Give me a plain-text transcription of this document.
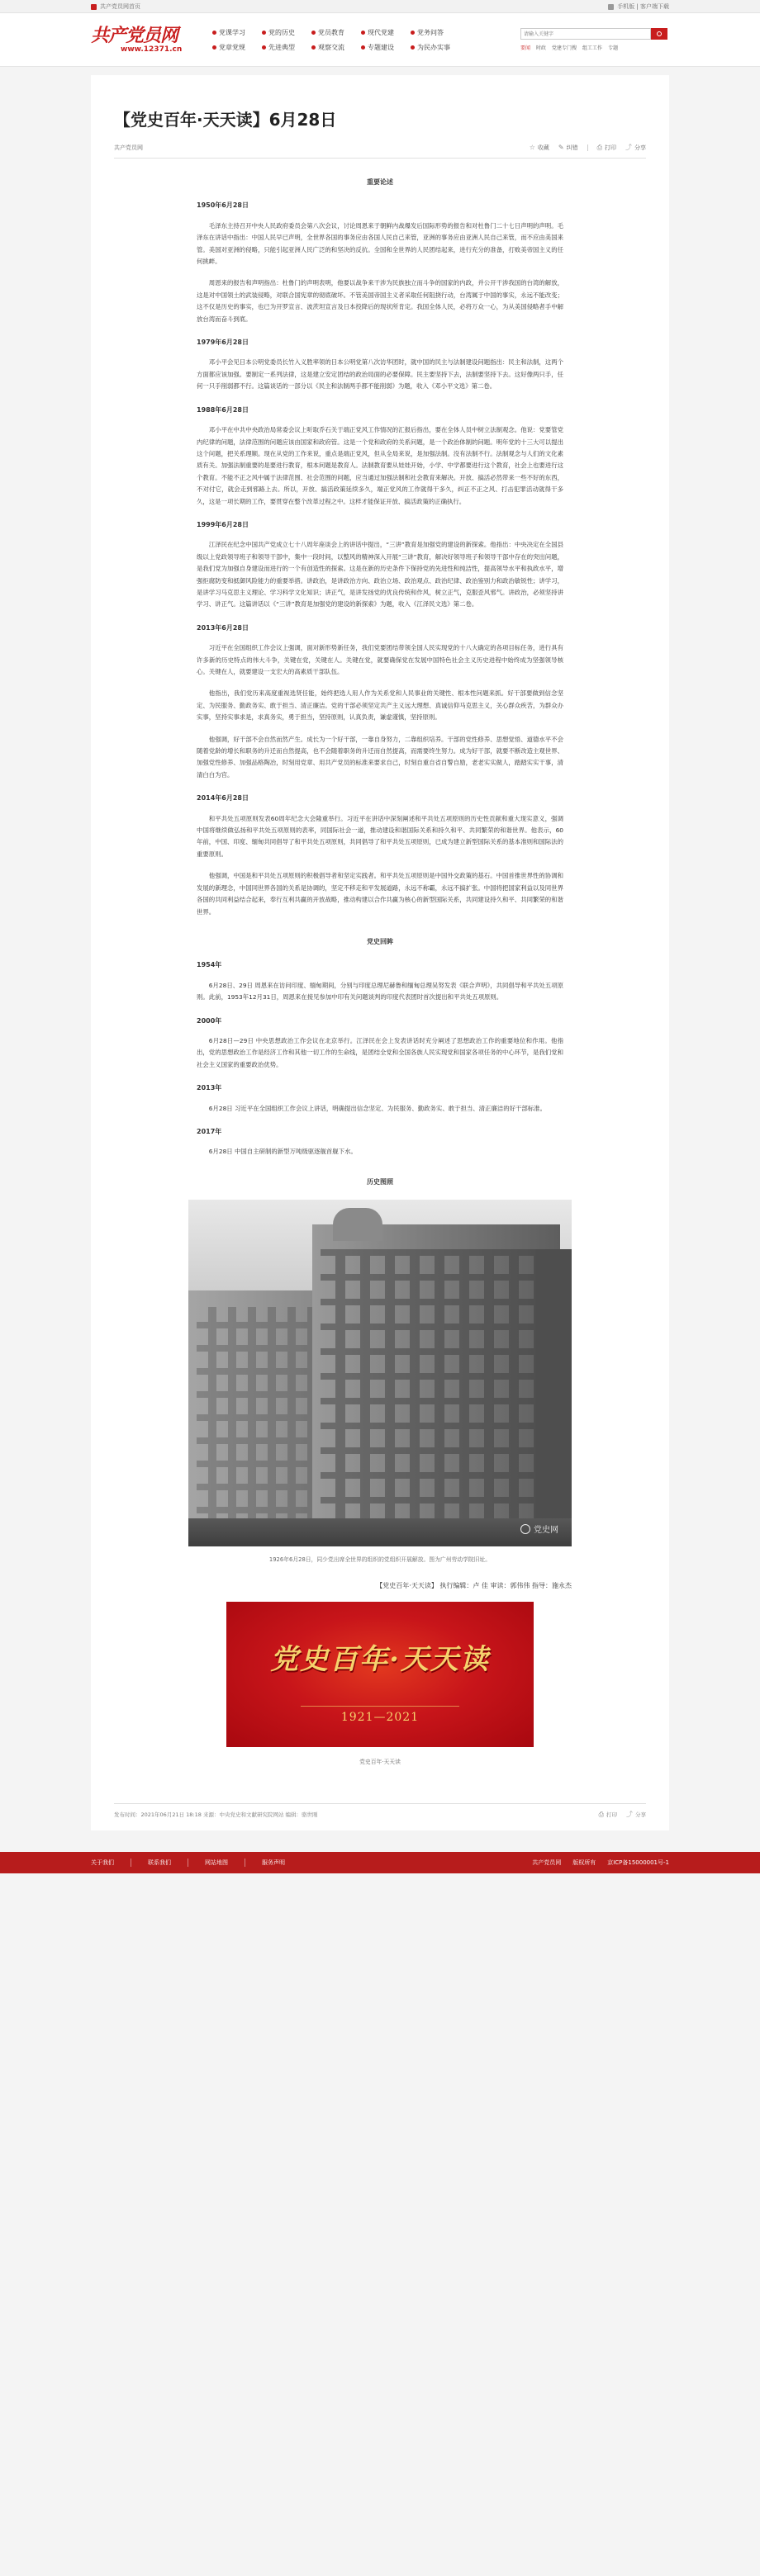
共产党员网首页	手机版 | 客户端下载
共产党员网
www.12371.cn
党课学习	党的历史	党员教育	现代党建	党务问答
党章党规	先进典型	观察交流	专题建设	为民办实事
请输入关键字	要闻 时政 党建专门搜 组工工作 专题
【党史百年·天天读】6月28日
共产党员网	☆ 收藏 ✎ 纠错	⎙ 打印 ⤴ 分享
重要论述
1950年6月28日

毛泽东主持召开中央人民政府委员会第八次会议，讨论周恩来于朝鲜内战爆发后国际形势的报告和对杜鲁门二十七日声明的声明。毛泽东在讲话中指出：中国人民早已声明，全世界各国的事务应由各国人民自己来管，亚洲的事务应由亚洲人民自己来管，而不应由美国来管。美国对亚洲的侵略，只能引起亚洲人民广泛的和坚决的反抗。全国和全世界的人民团结起来，进行充分的准备，打败美帝国主义的任何挑衅。

周恩来的报告和声明指出：杜鲁门的声明表明，他要以战争来干涉为民族独立而斗争的国家的内政，并公开干涉我国的台湾的解放，这是对中国领土的武装侵略，对联合国宪章的彻底破坏。不管美国帝国主义者采取任何阻挠行动，台湾属于中国的事实，永远不能改变；这不仅是历史的事实，也已为开罗宣言、波茨坦宣言及日本投降后的现状所肯定。我国全体人民，必将万众一心，为从美国侵略者手中解放台湾而奋斗到底。

1979年6月28日

邓小平会见日本公明党委员长竹入义胜率领的日本公明党第八次访华团时，就中国的民主与法制建设问题指出：民主和法制，这两个方面都应该加强。要制定一系列法律，这是建立安定团结的政治局面的必要保障。民主要坚持下去，法制要坚持下去。这好像两只手，任何一只手削弱都不行。这篇谈话的一部分以《民主和法制两手都不能削弱》为题，收入《邓小平文选》第二卷。

1988年6月28日

邓小平在中共中央政治局常委会议上听取乔石关于端正党风工作情况的汇报后指出，要在全体人员中树立法制观念。他说：党要管党内纪律的问题，法律范围的问题应该由国家和政府管。这是一个党和政府的关系问题，是一个政治体制的问题。明年党的十三大可以提出这个问题，把关系理顺。现在从党的工作来说，重点是端正党风，但从全局来说，是加强法制。没有法制不行。法制观念与人们的文化素质有关。加强法制重要的是要进行教育，根本问题是教育人。法制教育要从娃娃开始，小学、中学都要进行这个教育，社会上也要进行这个教育。不能不正之风中属于法律范围、社会范围的问题，应当通过加强法制和社会教育来解决。开放、搞活必然带来一些不好的东西，不对付它，就会走到邪路上去。所以，开放、搞活政策延续多久，端正党风的工作就得干多久，纠正不正之风、打击犯罪活动就得干多久，这是一项长期的工作，要贯穿在整个改革过程之中。这样才能保证开放、搞活政策的正确执行。

1999年6月28日

江泽民在纪念中国共产党成立七十八周年座谈会上的讲话中提出，“三讲”教育是加强党的建设的新探索。他指出：中央决定在全国县级以上党政领导班子和领导干部中，集中一段时间，以整风的精神深入开展“三讲”教育，解决好领导班子和领导干部中存在的突出问题，是我们党为加强自身建设而进行的一个有创造性的探索。这是在新的历史条件下保持党的先进性和纯洁性，提高领导水平和执政水平，增强拒腐防变和抵御风险能力的重要举措。讲政治，是讲政治方向、政治立场、政治观点、政治纪律、政治鉴别力和政治敏锐性；讲学习，是讲学习马克思主义理论、学习科学文化知识；讲正气，是讲发扬党的优良传统和作风，树立正气，克服歪风邪气。讲政治，必须坚持讲学习、讲正气。这篇讲话以《“三讲”教育是加强党的建设的新探索》为题，收入《江泽民文选》第二卷。

2013年6月28日

习近平在全国组织工作会议上强调，面对新形势新任务，我们党要团结带领全国人民实现党的十八大确定的各项目标任务，进行具有许多新的历史特点的伟大斗争，关键在党，关键在人。关键在党，就要确保党在发展中国特色社会主义历史进程中始终成为坚强领导核心。关键在人，就要建设一支宏大的高素质干部队伍。

他指出，我们党历来高度重视选贤任能，始终把选人用人作为关系党和人民事业的关键性、根本性问题来抓。好干部要做到信念坚定、为民服务、勤政务实、敢于担当、清正廉洁。党的干部必须坚定共产主义远大理想、真诚信仰马克思主义，关心群众疾苦，为群众办实事，坚持实事求是，求真务实，勇于担当，坚持原则，认真负责，谦虚谨慎，坚持原则。

他强调，好干部不会自然而然产生。成长为一个好干部，一靠自身努力，二靠组织培养。干部的党性修养、思想觉悟、道德水平不会随着党龄的增长和职务的升迁而自然提高，也不会随着职务的升迁而自然提高，而需要终生努力。成为好干部，就要不断改造主观世界、加强党性修养、加强品格陶冶，时刻用党章、用共产党员的标准来要求自己，时刻自重自省自警自励，老老实实做人，踏踏实实干事，清清白白为官。

2014年6月28日

和平共处五项原则发表60周年纪念大会隆重举行。习近平在讲话中深刻阐述和平共处五项原则的历史性贡献和重大现实意义，强调中国将继续做弘扬和平共处五项原则的表率，同国际社会一道，推动建设和谐国际关系和持久和平、共同繁荣的和谐世界。他表示，60年前，中国、印度、缅甸共同倡导了和平共处五项原则，共同倡导了和平共处五项原则，已成为建立新型国际关系的基本准则和国际法的重要原则。

他强调，中国是和平共处五项原则的积极倡导者和坚定实践者。和平共处五项原则是中国外交政策的基石。中国首推世界性的协调和发展的新理念，中国同世界各国的关系是协调的，坚定不移走和平发展道路，永远不称霸，永远不搞扩张。中国将把国家利益以及同世界各国的共同利益结合起来，奉行互利共赢的开放战略，推动构建以合作共赢为核心的新型国际关系，共同建设持久和平、共同繁荣的和谐世界。

党史回眸
1954年

6月28日、29日 周恩来在访问印度、缅甸期间，分别与印度总理尼赫鲁和缅甸总理吴努发表《联合声明》，共同倡导和平共处五项原则。此前，1953年12月31日，周恩来在接见参加中印有关问题谈判的印度代表团时首次提出和平共处五项原则。

2000年

6月28日—29日 中央思想政治工作会议在北京举行。江泽民在会上发表讲话时充分阐述了思想政治工作的重要地位和作用。他指出，党的思想政治工作是经济工作和其他一切工作的生命线，是团结全党和全国各族人民实现党和国家各项任务的中心环节，是我们党和社会主义国家的重要政治优势。

2013年

6月28日 习近平在全国组织工作会议上讲话，明确提出信念坚定、为民服务、勤政务实、敢于担当、清正廉洁的好干部标准。

2017年

6月28日 中国自主研制的新型万吨级驱逐舰首舰下水。

历史图照
党史网
1926年6月28日，同少党出席全世界的组织的党组织开展解放。图为广州劳动学院旧址。
【党史百年·天天读】 执行编辑：卢 佳 审读：郭伟伟 指导：施永杰
党史百年·天天读
1921—2021
党史百年·天天读
发布时间：2021年06月21日 18:18 来源：中央党史和文献研究院网站 编辑：骆世刚	⎙ 打印 ⤴ 分享
关于我们	联系我们	网站地图	服务声明	共产党员网 版权所有 京ICP备15000001号-1
